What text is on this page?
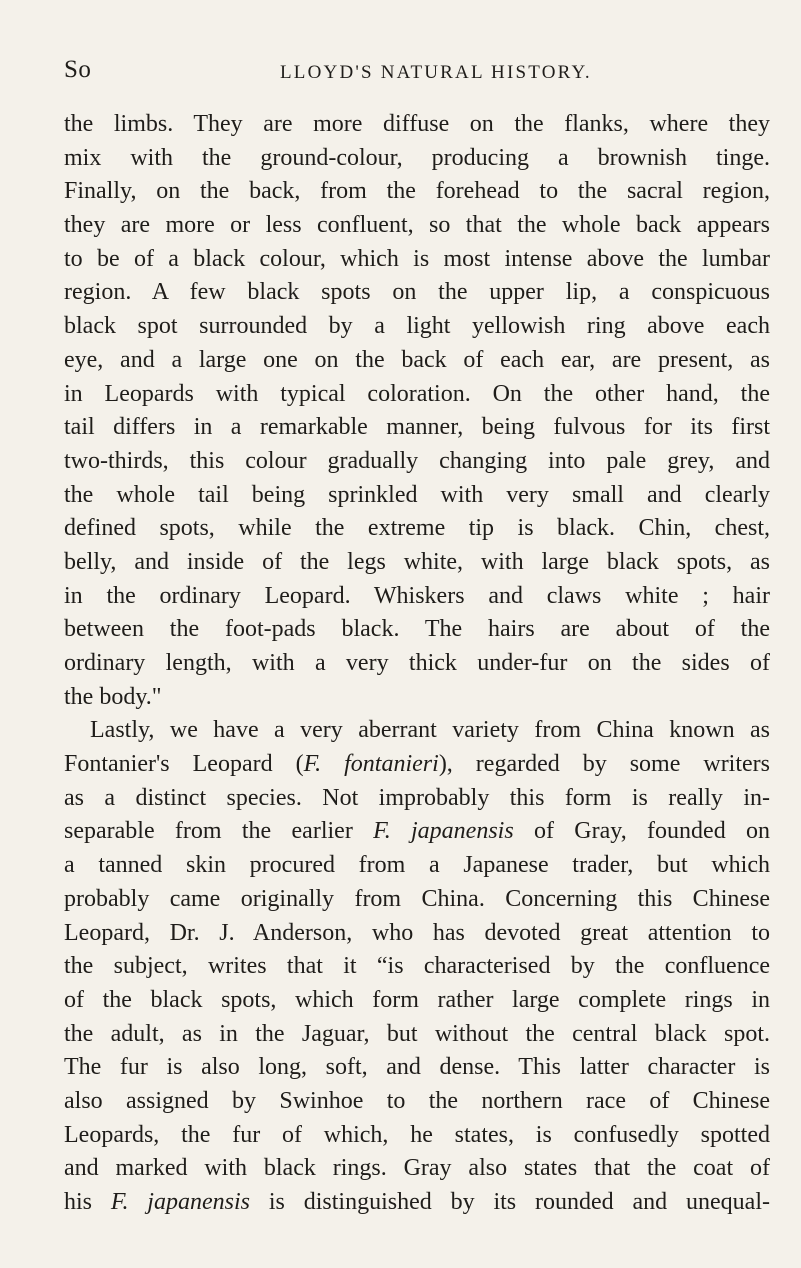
So	LLOYD'S NATURAL HISTORY.
the limbs. They are more diffuse on the flanks, where they
mix with the ground-colour, producing a brownish tinge.
Finally, on the back, from the forehead to the sacral region,
they are more or less confluent, so that the whole back appears
to be of a black colour, which is most intense above the lumbar
region. A few black spots on the upper lip, a conspicuous
black spot surrounded by a light yellowish ring above each
eye, and a large one on the back of each ear, are present, as
in Leopards with typical coloration. On the other hand, the
tail differs in a remarkable manner, being fulvous for its first
two-thirds, this colour gradually changing into pale grey, and
the whole tail being sprinkled with very small and clearly
defined spots, while the extreme tip is black. Chin, chest,
belly, and inside of the legs white, with large black spots, as
in the ordinary Leopard. Whiskers and claws white ; hair
between the foot-pads black. The hairs are about of the
ordinary length, with a very thick under-fur on the sides of
the body."
Lastly, we have a very aberrant variety from China known as
Fontanier's Leopard (F. fontanieri), regarded by some writers
as a distinct species. Not improbably this form is really in-
separable from the earlier F. japanensis of Gray, founded on
a tanned skin procured from a Japanese trader, but which
probably came originally from China. Concerning this Chinese
Leopard, Dr. J. Anderson, who has devoted great attention to
the subject, writes that it “is characterised by the confluence
of the black spots, which form rather large complete rings in
the adult, as in the Jaguar, but without the central black spot.
The fur is also long, soft, and dense. This latter character is
also assigned by Swinhoe to the northern race of Chinese
Leopards, the fur of which, he states, is confusedly spotted
and marked with black rings. Gray also states that the coat of
his F. japanensis is distinguished by its rounded and unequal-
